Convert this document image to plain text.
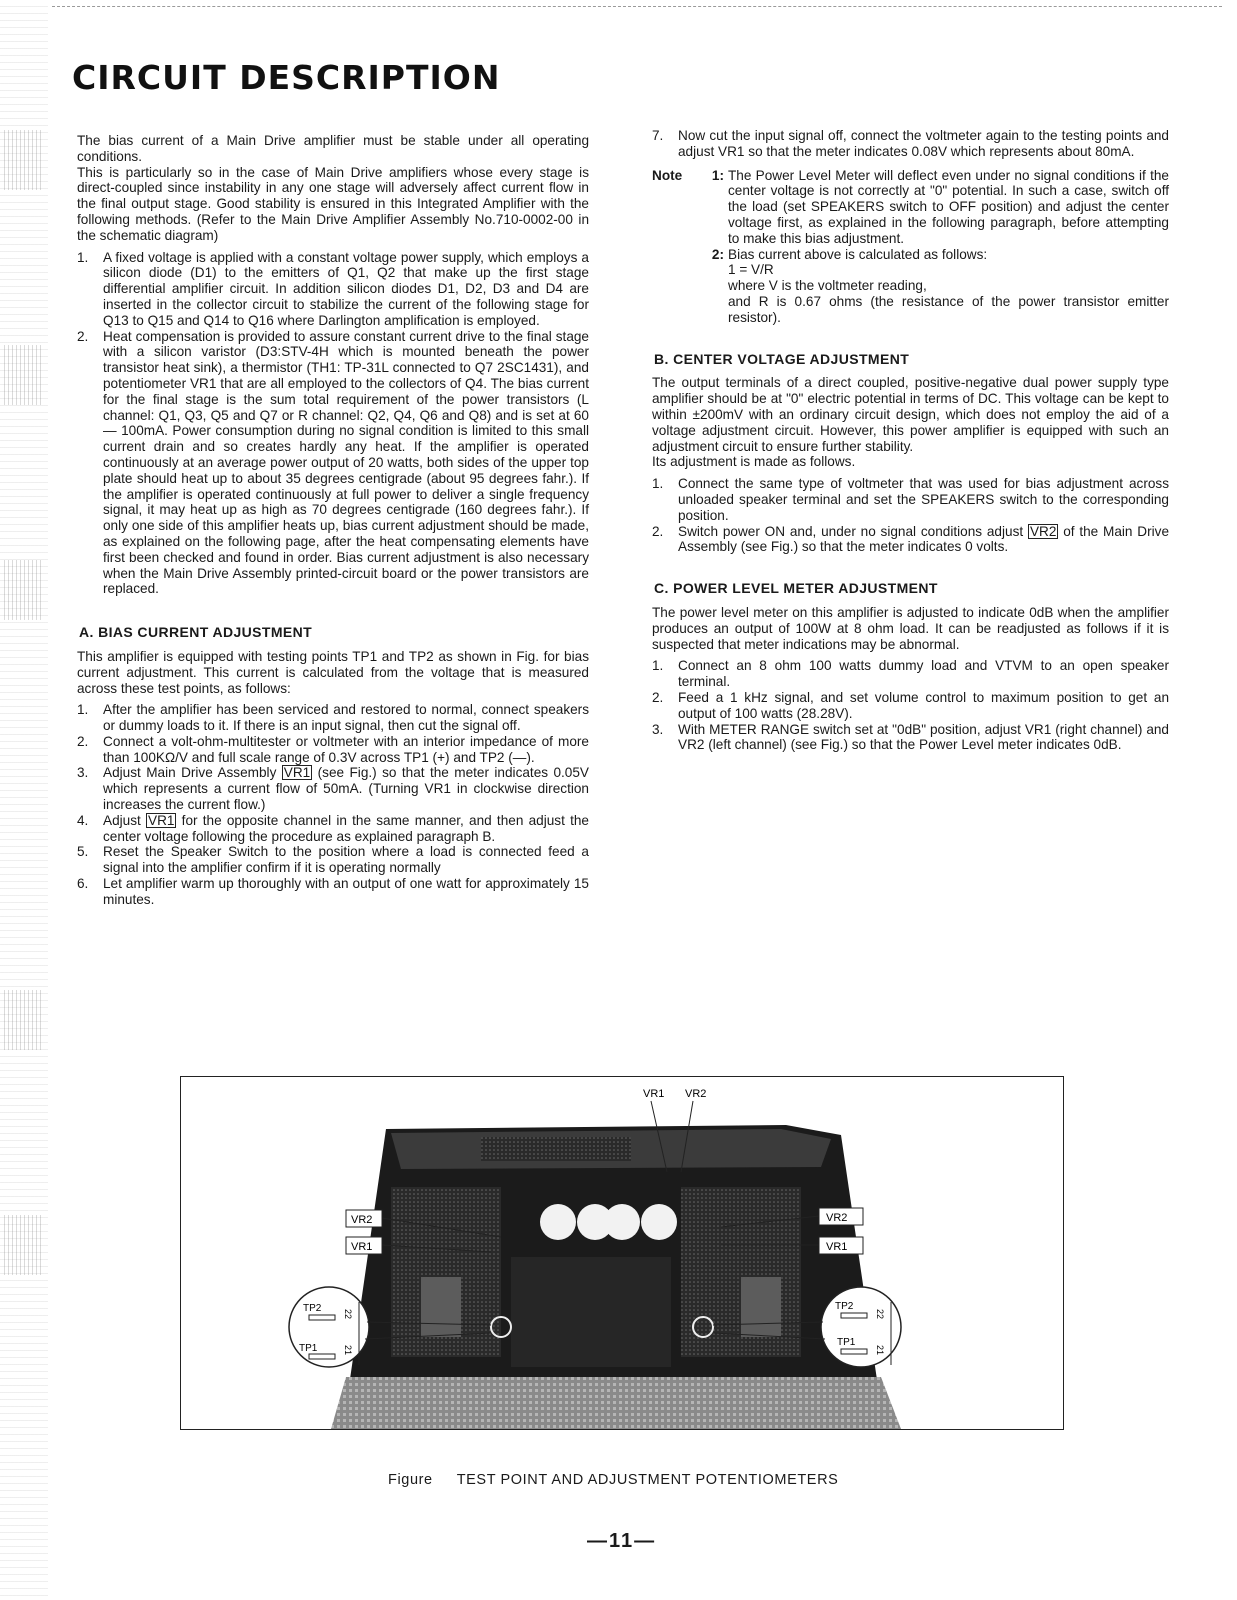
CIRCUIT DESCRIPTION

The bias current of a Main Drive amplifier must be stable under all operating conditions.

This is particularly so in the case of Main Drive amplifiers whose every stage is direct-coupled since instability in any one stage will adversely affect current flow in the final output stage. Good stability is ensured in this Integrated Amplifier with the following methods. (Refer to the Main Drive Amplifier Assembly No.710-0002-00 in the schematic diagram)

1. A fixed voltage is applied with a constant voltage power supply, which employs a silicon diode (D1) to the emitters of Q1, Q2 that make up the first stage differential amplifier circuit. In addition silicon diodes D1, D2, D3 and D4 are inserted in the collector circuit to stabilize the current of the following stage for Q13 to Q15 and Q14 to Q16 where Darlington amplification is employed.
2. Heat compensation is provided to assure constant current drive to the final stage with a silicon varistor (D3:STV-4H which is mounted beneath the power transistor heat sink), a thermistor (TH1: TP-31L connected to Q7 2SC1431), and potentiometer VR1 that are all employed to the collectors of Q4. The bias current for the final stage is the sum total requirement of the power transistors (L channel: Q1, Q3, Q5 and Q7 or R channel: Q2, Q4, Q6 and Q8) and is set at 60 — 100mA. Power consumption during no signal condition is limited to this small current drain and so creates hardly any heat. If the amplifier is operated continuously at an average power output of 20 watts, both sides of the upper top plate should heat up to about 35 degrees centigrade (about 95 degrees fahr.). If the amplifier is operated continuously at full power to deliver a single frequency signal, it may heat up as high as 70 degrees centigrade (160 degrees fahr.). If only one side of this amplifier heats up, bias current adjustment should be made, as explained on the following page, after the heat compensating elements have first been checked and found in order. Bias current adjustment is also necessary when the Main Drive Assembly printed-circuit board or the power transistors are replaced.
A. BIAS CURRENT ADJUSTMENT

This amplifier is equipped with testing points TP1 and TP2 as shown in Fig. for bias current adjustment. This current is calculated from the voltage that is measured across these test points, as follows:

1. After the amplifier has been serviced and restored to normal, connect speakers or dummy loads to it. If there is an input signal, then cut the signal off.
2. Connect a volt-ohm-multitester or voltmeter with an interior impedance of more than 100KΩ/V and full scale range of 0.3V across TP1 (+) and TP2 (—).
3. Adjust Main Drive Assembly VR1 (see Fig.) so that the meter indicates 0.05V which represents a current flow of 50mA. (Turning VR1 in clockwise direction increases the current flow.)
4. Adjust VR1 for the opposite channel in the same manner, and then adjust the center voltage following the procedure as explained paragraph B.
5. Reset the Speaker Switch to the position where a load is connected feed a signal into the amplifier confirm if it is operating normally
6. Let amplifier warm up thoroughly with an output of one watt for approximately 15 minutes.
7. Now cut the input signal off, connect the voltmeter again to the testing points and adjust VR1 so that the meter indicates 0.08V which represents about 80mA.
Note	1: The Power Level Meter will deflect even under no signal conditions if the center voltage is not correctly at "0" potential. In such a case, switch off the load (set SPEAKERS switch to OFF position) and adjust the center voltage first, as explained in the following paragraph, before attempting to make this bias adjustment.
2: Bias current above is calculated as follows:
1 = V/R
where V is the voltmeter reading,
and R is 0.67 ohms (the resistance of the power transistor emitter resistor).
B. CENTER VOLTAGE ADJUSTMENT

The output terminals of a direct coupled, positive-negative dual power supply type amplifier should be at "0" electric potential in terms of DC. This voltage can be kept to within ±200mV with an ordinary circuit design, which does not employ the aid of a voltage adjustment circuit. However, this power amplifier is equipped with such an adjustment circuit to ensure further stability.

Its adjustment is made as follows.

1. Connect the same type of voltmeter that was used for bias adjustment across unloaded speaker terminal and set the SPEAKERS switch to the corresponding position.
2. Switch power ON and, under no signal conditions adjust VR2 of the Main Drive Assembly (see Fig.) so that the meter indicates 0 volts.
C. POWER LEVEL METER ADJUSTMENT

The power level meter on this amplifier is adjusted to indicate 0dB when the amplifier produces an output of 100W at 8 ohm load. It can be readjusted as follows if it is suspected that meter indications may be abnormal.

1. Connect an 8 ohm 100 watts dummy load and VTVM to an open speaker terminal.
2. Feed a 1 kHz signal, and set volume control to maximum position to get an output of 100 watts (28.28V).
3. With METER RANGE switch set at "0dB" position, adjust VR1 (right channel) and VR2 (left channel) (see Fig.) so that the Power Level meter indicates 0dB.
VR1 VR2
VR2
VR1
VR2
VR1
TP2
TP1
22
21
TP2
TP1
22
21
Figure TEST POINT AND ADJUSTMENT POTENTIOMETERS
—11—
